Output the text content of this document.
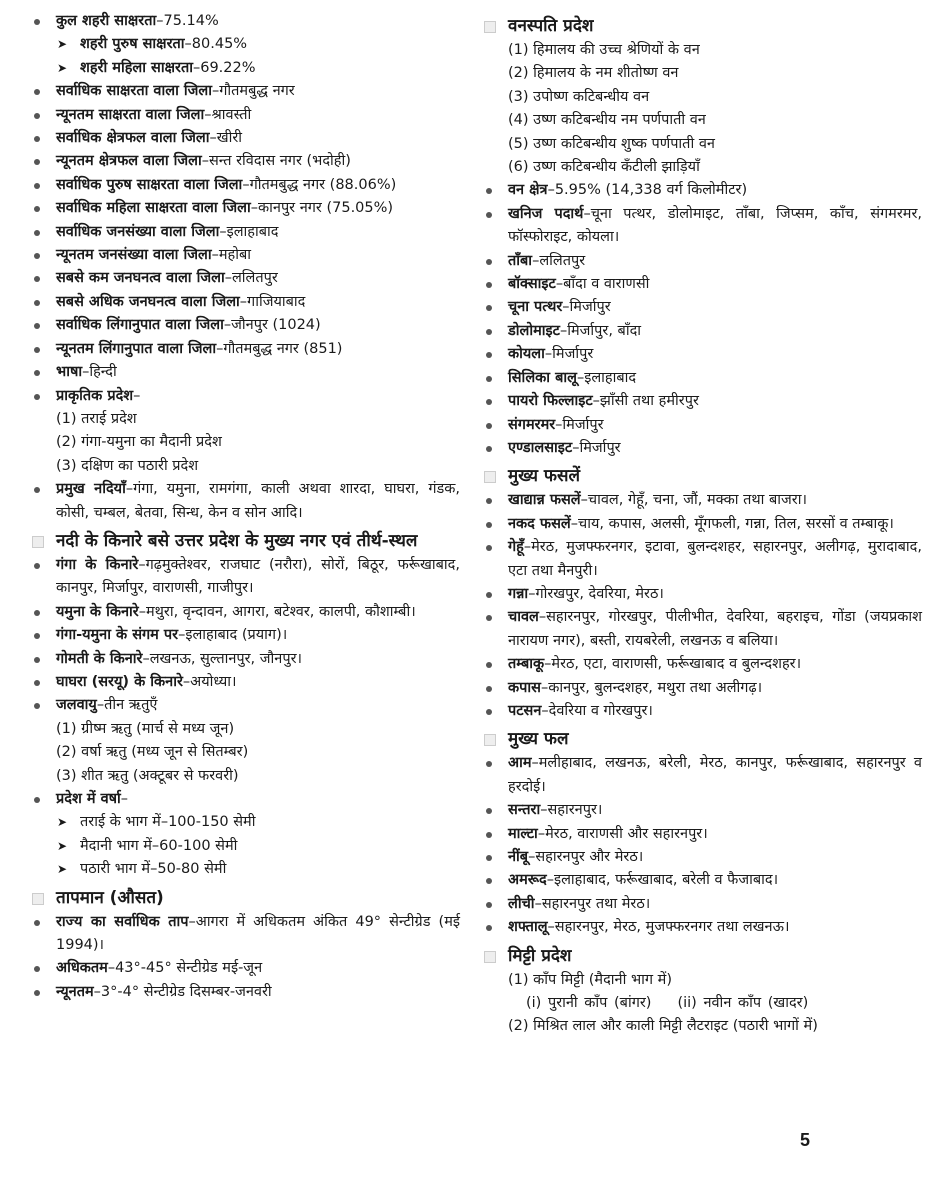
कुल शहरी साक्षरता–75.14%
➤ शहरी पुरुष साक्षरता–80.45%
➤ शहरी महिला साक्षरता–69.22%
सर्वाधिक साक्षरता वाला जिला–गौतमबुद्ध नगर
न्यूनतम साक्षरता वाला जिला–श्रावस्ती
सर्वाधिक क्षेत्रफल वाला जिला–खीरी
न्यूनतम क्षेत्रफल वाला जिला–सन्त रविदास नगर (भदोही)
सर्वाधिक पुरुष साक्षरता वाला जिला–गौतमबुद्ध नगर (88.06%)
सर्वाधिक महिला साक्षरता वाला जिला–कानपुर नगर (75.05%)
सर्वाधिक जनसंख्या वाला जिला–इलाहाबाद
न्यूनतम जनसंख्या वाला जिला–महोबा
सबसे कम जनघनत्व वाला जिला–ललितपुर
सबसे अधिक जनघनत्व वाला जिला–गाजियाबाद
सर्वाधिक लिंगानुपात वाला जिला–जौनपुर (1024)
न्यूनतम लिंगानुपात वाला जिला–गौतमबुद्ध नगर (851)
भाषा–हिन्दी
प्राकृतिक प्रदेश–
(1) तराई प्रदेश
(2) गंगा-यमुना का मैदानी प्रदेश
(3) दक्षिण का पठारी प्रदेश
प्रमुख नदियाँ–गंगा, यमुना, रामगंगा, काली अथवा शारदा, घाघरा, गंडक, कोसी, चम्बल, बेतवा, सिन्ध, केन व सोन आदि।
नदी के किनारे बसे उत्तर प्रदेश के मुख्य नगर एवं तीर्थ-स्थल
गंगा के किनारे–गढ़मुक्तेश्वर, राजघाट (नरौरा), सोरों, बिठूर, फर्रूखाबाद, कानपुर, मिर्जापुर, वाराणसी, गाजीपुर।
यमुना के किनारे–मथुरा, वृन्दावन, आगरा, बटेश्वर, कालपी, कौशाम्बी।
गंगा-यमुना के संगम पर–इलाहाबाद (प्रयाग)।
गोमती के किनारे–लखनऊ, सुल्तानपुर, जौनपुर।
घाघरा (सरयू) के किनारे–अयोध्या।
जलवायु–तीन ऋतुएँ
(1) ग्रीष्म ऋतु (मार्च से मध्य जून)
(2) वर्षा ऋतु (मध्य जून से सितम्बर)
(3) शीत ऋतु (अक्टूबर से फरवरी)
प्रदेश में वर्षा–
➤ तराई के भाग में–100-150 सेमी
➤ मैदानी भाग में–60-100 सेमी
➤ पठारी भाग में–50-80 सेमी
तापमान (औसत)
राज्य का सर्वाधिक ताप–आगरा में अधिकतम अंकित 49° सेन्टीग्रेड (मई 1994)।
अधिकतम–43°-45° सेन्टीग्रेड मई-जून
न्यूनतम–3°-4° सेन्टीग्रेड दिसम्बर-जनवरी
वनस्पति प्रदेश
(1) हिमालय की उच्च श्रेणियों के वन
(2) हिमालय के नम शीतोष्ण वन
(3) उपोष्ण कटिबन्धीय वन
(4) उष्ण कटिबन्धीय नम पर्णपाती वन
(5) उष्ण कटिबन्धीय शुष्क पर्णपाती वन
(6) उष्ण कटिबन्धीय कँटीली झाड़ियाँ
वन क्षेत्र–5.95% (14,338 वर्ग किलोमीटर)
खनिज पदार्थ–चूना पत्थर, डोलोमाइट, ताँबा, जिप्सम, काँच, संगमरमर, फॉस्फोराइट, कोयला।
ताँबा–ललितपुर
बॉक्साइट–बाँदा व वाराणसी
चूना पत्थर–मिर्जापुर
डोलोमाइट–मिर्जापुर, बाँदा
कोयला–मिर्जापुर
सिलिका बालू–इलाहाबाद
पायरो फिल्लाइट–झाँसी तथा हमीरपुर
संगमरमर–मिर्जापुर
एण्डालसाइट–मिर्जापुर
मुख्य फसलें
खाद्यान्न फसलें–चावल, गेहूँ, चना, जौं, मक्का तथा बाजरा।
नकद फसलें–चाय, कपास, अलसी, मूँगफली, गन्ना, तिल, सरसों व तम्बाकू।
गेहूँ–मेरठ, मुजफ्फरनगर, इटावा, बुलन्दशहर, सहारनपुर, अलीगढ़, मुरादाबाद, एटा तथा मैनपुरी।
गन्ना–गोरखपुर, देवरिया, मेरठ।
चावल–सहारनपुर, गोरखपुर, पीलीभीत, देवरिया, बहराइच, गोंडा (जयप्रकाश नारायण नगर), बस्ती, रायबरेली, लखनऊ व बलिया।
तम्बाकू–मेरठ, एटा, वाराणसी, फर्रूखाबाद व बुलन्दशहर।
कपास–कानपुर, बुलन्दशहर, मथुरा तथा अलीगढ़।
पटसन–देवरिया व गोरखपुर।
मुख्य फल
आम–मलीहाबाद, लखनऊ, बरेली, मेरठ, कानपुर, फर्रूखाबाद, सहारनपुर व हरदोई।
सन्तरा–सहारनपुर।
माल्टा–मेरठ, वाराणसी और सहारनपुर।
नींबू–सहारनपुर और मेरठ।
अमरूद–इलाहाबाद, फर्रूखाबाद, बरेली व फैजाबाद।
लीची–सहारनपुर तथा मेरठ।
शफ्तालू–सहारनपुर, मेरठ, मुजफ्फरनगर तथा लखनऊ।
मिट्टी प्रदेश
(1) काँप मिट्टी (मैदानी भाग में)
(i) पुरानी काँप (बांगर) (ii) नवीन काँप (खादर)
(2) मिश्रित लाल और काली मिट्टी लैटराइट (पठारी भागों में)
5
